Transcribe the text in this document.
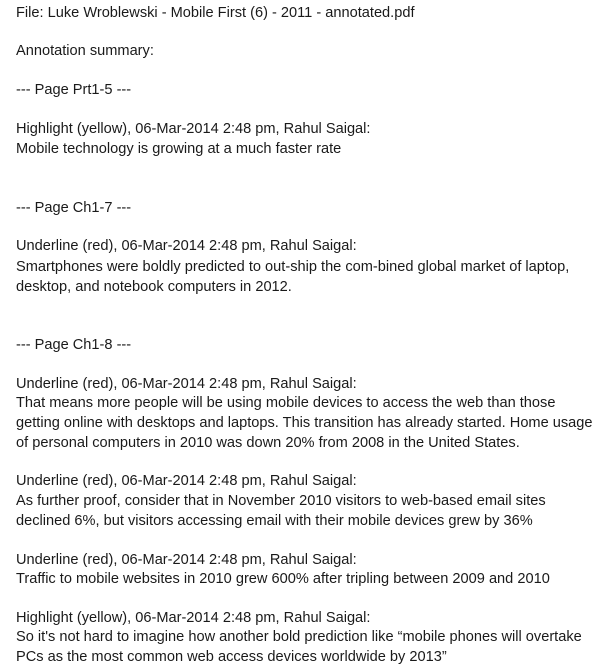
File: Luke Wroblewski - Mobile First (6) - 2011 - annotated.pdf

Annotation summary:

--- Page Prt1-5 ---

Highlight (yellow), 06-Mar-2014 2:48 pm, Rahul Saigal:

Mobile technology is growing at a much faster rate

--- Page Ch1-7 ---

Underline (red), 06-Mar-2014 2:48 pm, Rahul Saigal:

Smartphones were boldly predicted to out-ship the com-bined global market of laptop,

desktop, and notebook computers in 2012.

--- Page Ch1-8 ---

Underline (red), 06-Mar-2014 2:48 pm, Rahul Saigal:

That means more people will be using mobile devices to access the web than those

getting online with desktops and laptops. This transition has already started. Home usage

of personal computers in 2010 was down 20% from 2008 in the United States.

Underline (red), 06-Mar-2014 2:48 pm, Rahul Saigal:

As further proof, consider that in November 2010 visitors to web-based email sites

declined 6%, but visitors accessing email with their mobile devices grew by 36%

Underline (red), 06-Mar-2014 2:48 pm, Rahul Saigal:

Traffic to mobile websites in 2010 grew 600% after tripling between 2009 and 2010

Highlight (yellow), 06-Mar-2014 2:48 pm, Rahul Saigal:

So it's not hard to imagine how another bold prediction like “mobile phones will overtake

PCs as the most common web access devices worldwide by 2013”
